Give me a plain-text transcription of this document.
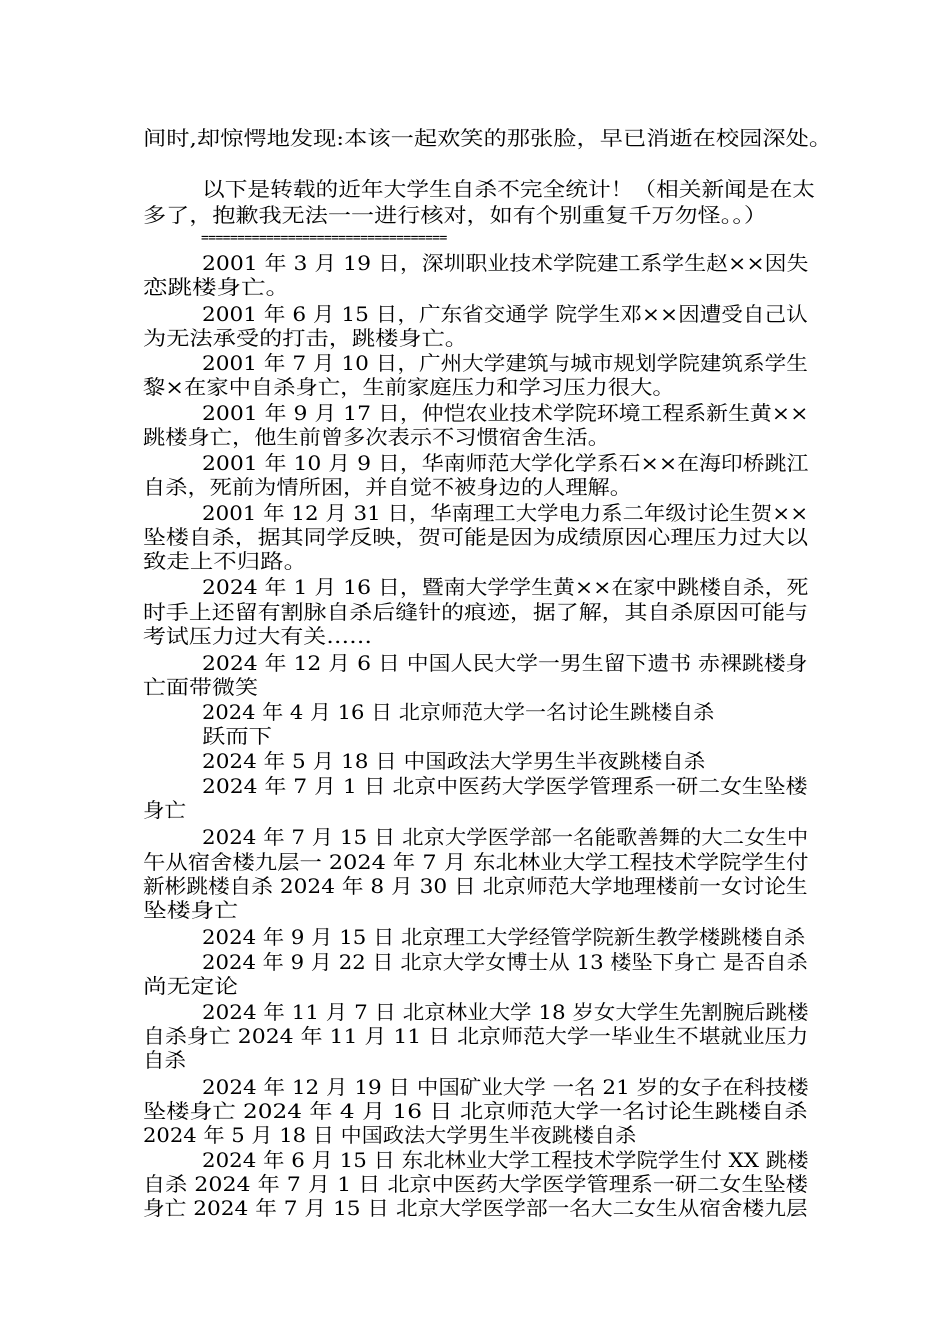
==================================
间时,却惊愕地发现:本该一起欢笑的那张脸，早已消逝在校园深处。
以下是转载的近年大学生自杀不完全统计！（相关新闻是在太
多了，抱歉我无法一一进行核对，如有个别重复千万勿怪。。）
2001 年 3 月 19 日，深圳职业技术学院建工系学生赵××因失
恋跳楼身亡。
2001 年 6 月 15 日，广东省交通学 院学生邓××因遭受自己认
为无法承受的打击，跳楼身亡。
2001 年 7 月 10 日，广州大学建筑与城市规划学院建筑系学生
黎×在家中自杀身亡，生前家庭压力和学习压力很大。
2001 年 9 月 17 日，仲恺农业技术学院环境工程系新生黄××
跳楼身亡，他生前曾多次表示不习惯宿舍生活。
2001 年 10 月 9 日，华南师范大学化学系石××在海印桥跳江
自杀，死前为情所困，并自觉不被身边的人理解。
2001 年 12 月 31 日，华南理工大学电力系二年级讨论生贺××
坠楼自杀，据其同学反映，贺可能是因为成绩原因心理压力过大以
致走上不归路。
2024 年 1 月 16 日，暨南大学学生黄××在家中跳楼自杀，死
时手上还留有割脉自杀后缝针的痕迹，据了解，其自杀原因可能与
考试压力过大有关……
2024 年 12 月 6 日 中国人民大学一男生留下遗书 赤裸跳楼身
亡面带微笑
2024 年 4 月 16 日 北京师范大学一名讨论生跳楼自杀
跃而下
2024 年 5 月 18 日 中国政法大学男生半夜跳楼自杀
2024 年 7 月 1 日 北京中医药大学医学管理系一研二女生坠楼
身亡
2024 年 7 月 15 日 北京大学医学部一名能歌善舞的大二女生中
午从宿舍楼九层一 2024 年 7 月 东北林业大学工程技术学院学生付
新彬跳楼自杀 2024 年 8 月 30 日 北京师范大学地理楼前一女讨论生
坠楼身亡
2024 年 9 月 15 日 北京理工大学经管学院新生教学楼跳楼自杀
2024 年 9 月 22 日 北京大学女博士从 13 楼坠下身亡 是否自杀
尚无定论
2024 年 11 月 7 日 北京林业大学 18 岁女大学生先割腕后跳楼
自杀身亡 2024 年 11 月 11 日 北京师范大学一毕业生不堪就业压力
自杀
2024 年 12 月 19 日 中国矿业大学 一名 21 岁的女子在科技楼
坠楼身亡 2024 年 4 月 16 日 北京师范大学一名讨论生跳楼自杀
2024 年 5 月 18 日 中国政法大学男生半夜跳楼自杀
2024 年 6 月 15 日 东北林业大学工程技术学院学生付 XX 跳楼
自杀 2024 年 7 月 1 日 北京中医药大学医学管理系一研二女生坠楼
身亡 2024 年 7 月 15 日 北京大学医学部一名大二女生从宿舍楼九层
